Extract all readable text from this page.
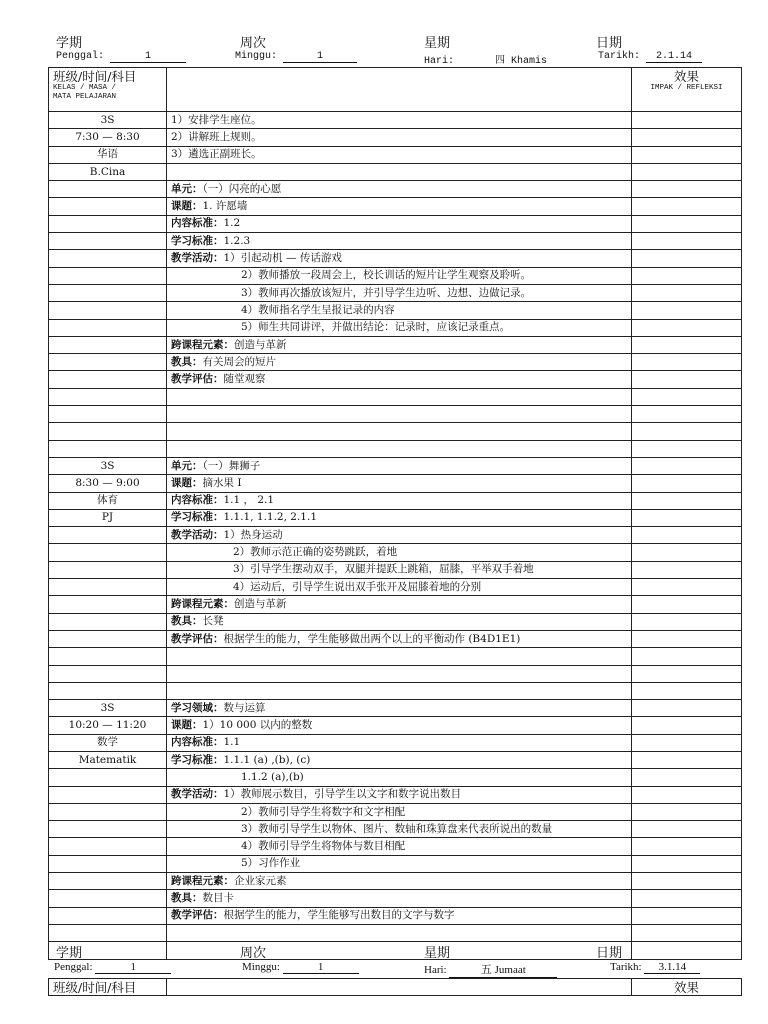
学期	周次	星期	日期
Penggal:	1	Minggu:	1	Hari:	四 Khamis	Tarikh: 2.1.14
班级/时间/科目
KELAS / MASA /
MATA PELAJARAN		效果
IMPAK / REFLEKSI

3S	1）安排学生座位。	
7:30 — 8:30	2）讲解班上规则。	
华语	3）遴选正副班长。	
B.Cina		
	单元：（一）闪亮的心愿	
	课题：1. 许愿墙	
	内容标准：1.2	
	学习标准：1.2.3	
	教学活动：1）引起动机 — 传话游戏	
	2）教师播放一段周会上，校长训话的短片让学生观察及聆听。	
	3）教师再次播放该短片，并引导学生边听、边想、边做记录。	
	4）教师指名学生呈报记录的内容	
	5）师生共同讲评，并做出结论：记录时，应该记录重点。	
	跨课程元素：创造与革新	
	教具：有关周会的短片	
	教学评估：随堂观察	

3S	单元：（一）舞狮子	
8:30 — 9:00	课题：摘水果 I	
体育	内容标准：1.1 ， 2.1	
PJ	学习标准：1.1.1, 1.1.2, 2.1.1	
	教学活动：1）热身运动	
	2）教师示范正确的姿势跳跃，着地	
	3）引导学生摆动双手，双腿并提跃上跳箱，屈膝，平举双手着地	
	4）运动后，引导学生说出双手张开及屈膝着地的分别	
	跨课程元素：创造与革新	
	教具：长凳	
	教学评估：根据学生的能力，学生能够做出两个以上的平衡动作 (B4D1E1)	

3S	学习领域：数与运算	
10:20 — 11:20	课题：1）10 000 以内的整数	
数学	内容标准：1.1	
Matematik	学习标准：1.1.1 (a) ,(b), (c)	
	1.1.2 (a),(b)	
	教学活动：1）教师展示数目，引导学生以文字和数字说出数目	
	2）教师引导学生将数字和文字相配	
	3）教师引导学生以物体、图片、数轴和珠算盘来代表所说出的数量	
	4）教师引导学生将物体与数目相配	
	5）习作作业	
	跨课程元素：企业家元素	
	教具：数目卡	
	教学评估：根据学生的能力，学生能够写出数目的文字与数字	

学期	周次	星期	日期
Penggal:	1	Minggu:	1	Hari:	五 Jumaat	Tarikh: 3.1.14
班级/时间/科目		效果
